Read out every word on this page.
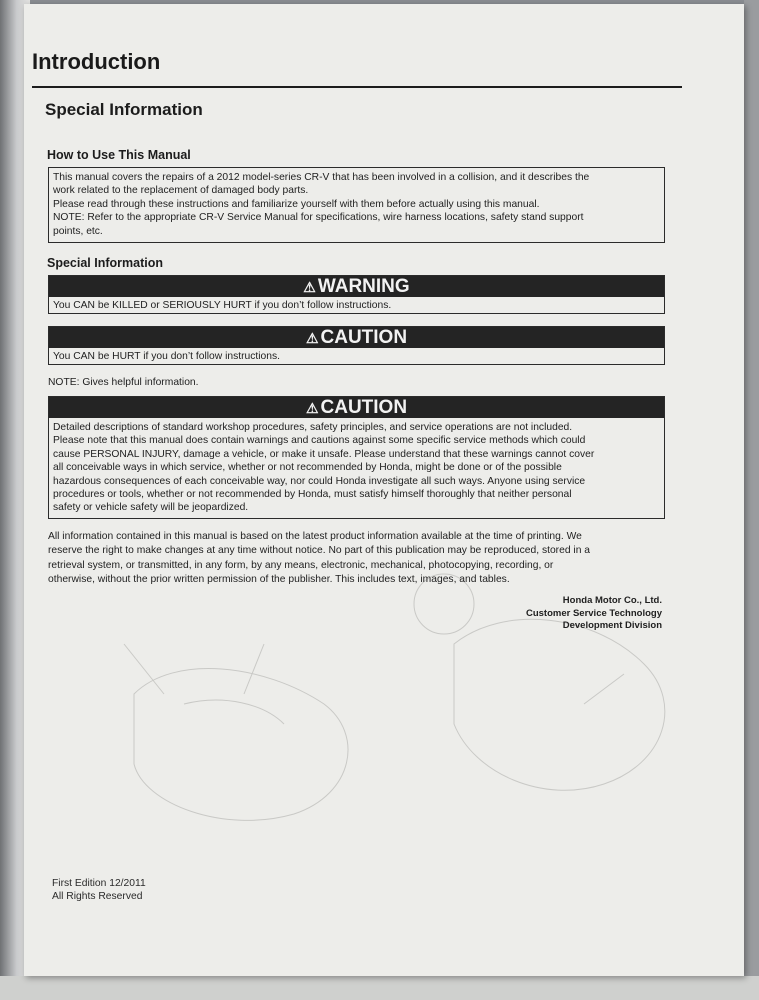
Introduction
Special Information
How to Use This Manual
This manual covers the repairs of a 2012 model-series CR-V that has been involved in a collision, and it describes the
work related to the replacement of damaged body parts.
Please read through these instructions and familiarize yourself with them before actually using this manual.
NOTE: Refer to the appropriate CR-V Service Manual for specifications, wire harness locations, safety stand support
points, etc.
Special Information
⚠ WARNING
You CAN be KILLED or SERIOUSLY HURT if you don’t follow instructions.
⚠ CAUTION
You CAN be HURT if you don’t follow instructions.
NOTE: Gives helpful information.
⚠ CAUTION
Detailed descriptions of standard workshop procedures, safety principles, and service operations are not included.
Please note that this manual does contain warnings and cautions against some specific service methods which could
cause PERSONAL INJURY, damage a vehicle, or make it unsafe. Please understand that these warnings cannot cover
all conceivable ways in which service, whether or not recommended by Honda, might be done or of the possible
hazardous consequences of each conceivable way, nor could Honda investigate all such ways. Anyone using service
procedures or tools, whether or not recommended by Honda, must satisfy himself thoroughly that neither personal
safety or vehicle safety will be jeopardized.
All information contained in this manual is based on the latest product information available at the time of printing. We
reserve the right to make changes at any time without notice. No part of this publication may be reproduced, stored in a
retrieval system, or transmitted, in any form, by any means, electronic, mechanical, photocopying, recording, or
otherwise, without the prior written permission of the publisher. This includes text, images, and tables.
Honda Motor Co., Ltd.
Customer Service Technology
Development Division
First Edition 12/2011
All Rights Reserved
